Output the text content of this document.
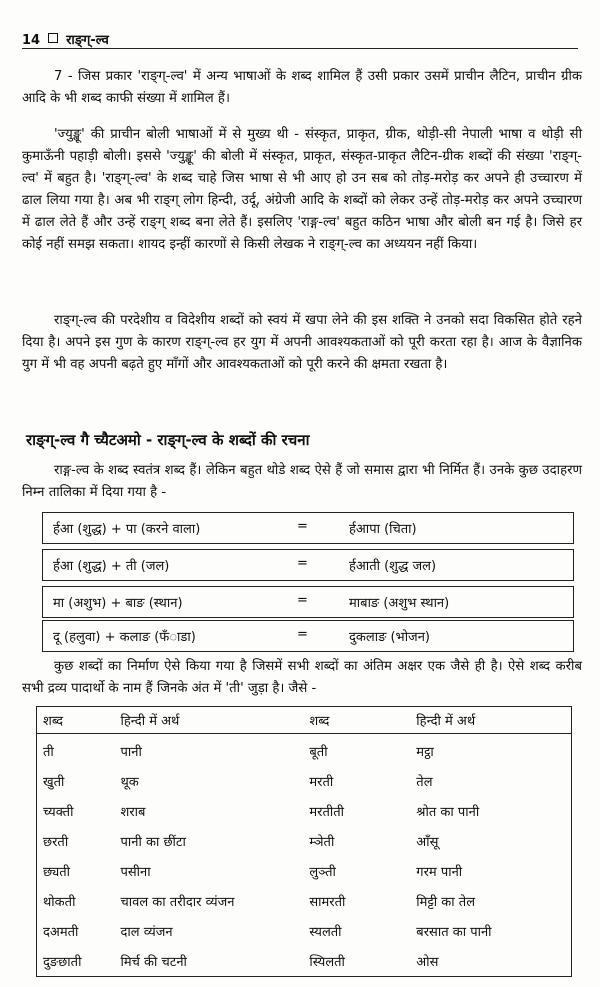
14 राङ्ग्-ल्व

7 - जिस प्रकार 'राङ्ग्-ल्व' में अन्य भाषाओं के शब्द शामिल हैं उसी प्रकार उसमें प्राचीन लैटिन, प्राचीन ग्रीक आदि के भी शब्द काफी संख्या में शामिल हैं।

'ज्युङ्खू' की प्राचीन बोली भाषाओं में से मुख्य थी - संस्कृत, प्राकृत, ग्रीक, थोड़ी-सी नेपाली भाषा व थोड़ी सी कुमाऊँनी पहाड़ी बोली। इससे 'ज्युङ्खू' की बोली में संस्कृत, प्राकृत, संस्कृत-प्राकृत लैटिन-ग्रीक शब्दों की संख्या 'राङ्ग्-ल्व' में बहुत है। 'राङ्ग्-ल्व' के शब्द चाहे जिस भाषा से भी आए हो उन सब को तोड़-मरोड़ कर अपने ही उच्चारण में ढाल लिया गया है। अब भी राङ्ग् लोग हिन्दी, उर्दू, अंग्रेजी आदि के शब्दों को लेकर उन्हें तोड़-मरोड़ कर अपने उच्चारण में ढाल लेते हैं और उन्हें राङ्ग् शब्द बना लेते हैं। इसलिए 'राङ्ग-ल्व' बहुत कठिन भाषा और बोली बन गई है। जिसे हर कोई नहीं समझ सकता। शायद इन्हीं कारणों से किसी लेखक ने राङ्ग्-ल्व का अध्ययन नहीं किया।

राङ्ग्-ल्व की परदेशीय व विदेशीय शब्दों को स्वयं में खपा लेने की इस शक्ति ने उनको सदा विकसित होते रहने दिया है। अपने इस गुण के कारण राङ्ग्-ल्व हर युग में अपनी आवश्यकताओं को पूरी करता रहा है। आज के वैज्ञानिक युग में भी वह अपनी बढ़ते हुए माँगों और आवश्यकताओं को पूरी करने की क्षमता रखता है।

राङ्ग्-ल्व गै च्यैटअमो - राङ्ग्-ल्व के शब्दों की रचना

राङ्ग-ल्व के शब्द स्वतंत्र शब्द हैं। लेकिन बहुत थोडे शब्द ऐसे हैं जो समास द्वारा भी निर्मित हैं। उनके कुछ उदाहरण निम्न तालिका में दिया गया है -

र्हआ (शुद्ध) + पा (करने वाला)	=	र्हआपा (चिता)
र्हआ (शुद्ध) + ती (जल)	=	र्हआती (शुद्ध जल)
मा (अशुभ) + बाङ (स्थान)	=	माबाङ (अशुभ स्थान)
दू (हलुवा) + कलाङ (फँाडा)	=	दुकलाङ (भोजन)

कुछ शब्दों का निर्माण ऐसे किया गया है जिसमें सभी शब्दों का अंतिम अक्षर एक जैसे ही है। ऐसे शब्द करीब सभी द्रव्य पादार्थो के नाम हैं जिनके अंत में 'ती' जुड़ा है। जैसे -

शब्द	हिन्दी में अर्थ	शब्द	हिन्दी में अर्थ
ती	पानी	बूती	मट्ठा
खुती	थूक	मरती	तेल
च्यक्ती	शराब	मरतीती	श्रोत का पानी
छरती	पानी का छींटा	म्ञेती	आँसू
छ्यती	पसीना	लुञ्ती	गरम पानी
थोकती	चावल का तरीदार व्यंजन	सामरती	मिट्टी का तेल
दअमती	दाल व्यंजन	स्यलती	बरसात का पानी
दुङछाती	मिर्च की चटनी	स्यिलती	ओस
